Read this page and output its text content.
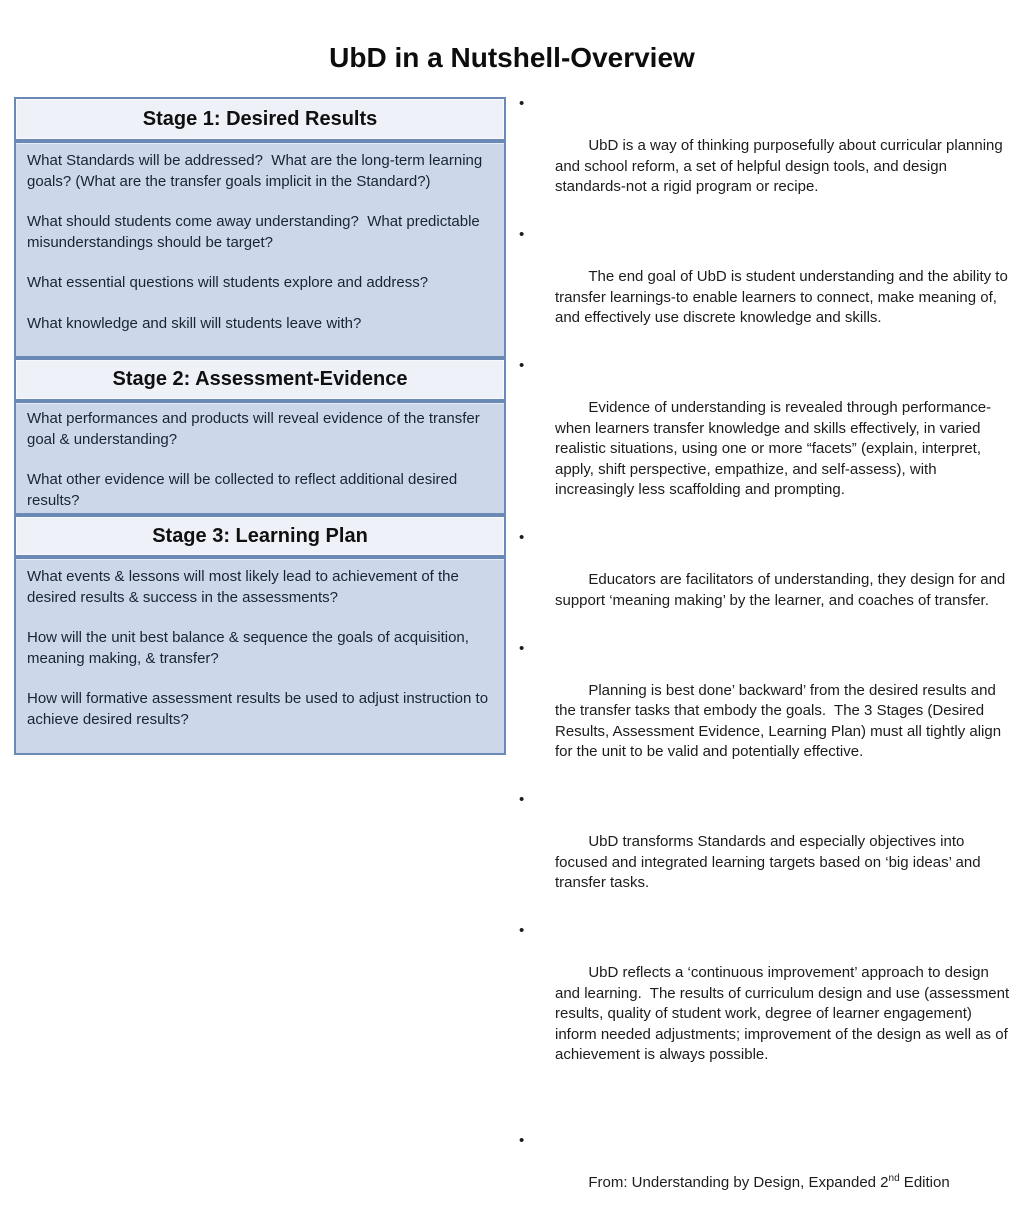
UbD in a Nutshell-Overview
Stage 1: Desired Results

What Standards will be addressed?  What are the long-term learning goals? (What are the transfer goals implicit in the Standard?)

What should students come away understanding?  What predictable misunderstandings should be target?

What essential questions will students explore and address?

What knowledge and skill will students leave with?

Stage 2: Assessment-Evidence

What performances and products will reveal evidence of the transfer goal & understanding?

What other evidence will be collected to reflect additional desired results?

Stage 3: Learning Plan

What events & lessons will most likely lead to achievement of the desired results & success in the assessments?

How will the unit best balance & sequence the goals of acquisition, meaning making, & transfer?

How will formative assessment results be used to adjust instruction to achieve desired results?

•

UbD is a way of thinking purposefully about curricular planning and school reform, a set of helpful design tools, and design standards-not a rigid program or recipe.

•

The end goal of UbD is student understanding and the ability to transfer learnings-to enable learners to connect, make meaning of, and effectively use discrete knowledge and skills.

•

Evidence of understanding is revealed through performance-when learners transfer knowledge and skills effectively, in varied realistic situations, using one or more “facets” (explain, interpret, apply, shift perspective, empathize, and self-assess), with increasingly less scaffolding and prompting.

•

Educators are facilitators of understanding, they design for and support ‘meaning making’ by the learner, and coaches of transfer.

•

Planning is best done’ backward’ from the desired results and the transfer tasks that embody the goals.  The 3 Stages (Desired Results, Assessment Evidence, Learning Plan) must all tightly align for the unit to be valid and potentially effective.

•

UbD transforms Standards and especially objectives into focused and integrated learning targets based on ‘big ideas’ and transfer tasks.

•

UbD reflects a ‘continuous improvement’ approach to design and learning.  The results of curriculum design and use (assessment results, quality of student work, degree of learner engagement) inform needed adjustments; improvement of the design as well as of achievement is always possible.

•

From: Understanding by Design, Expanded 2nd Edition
